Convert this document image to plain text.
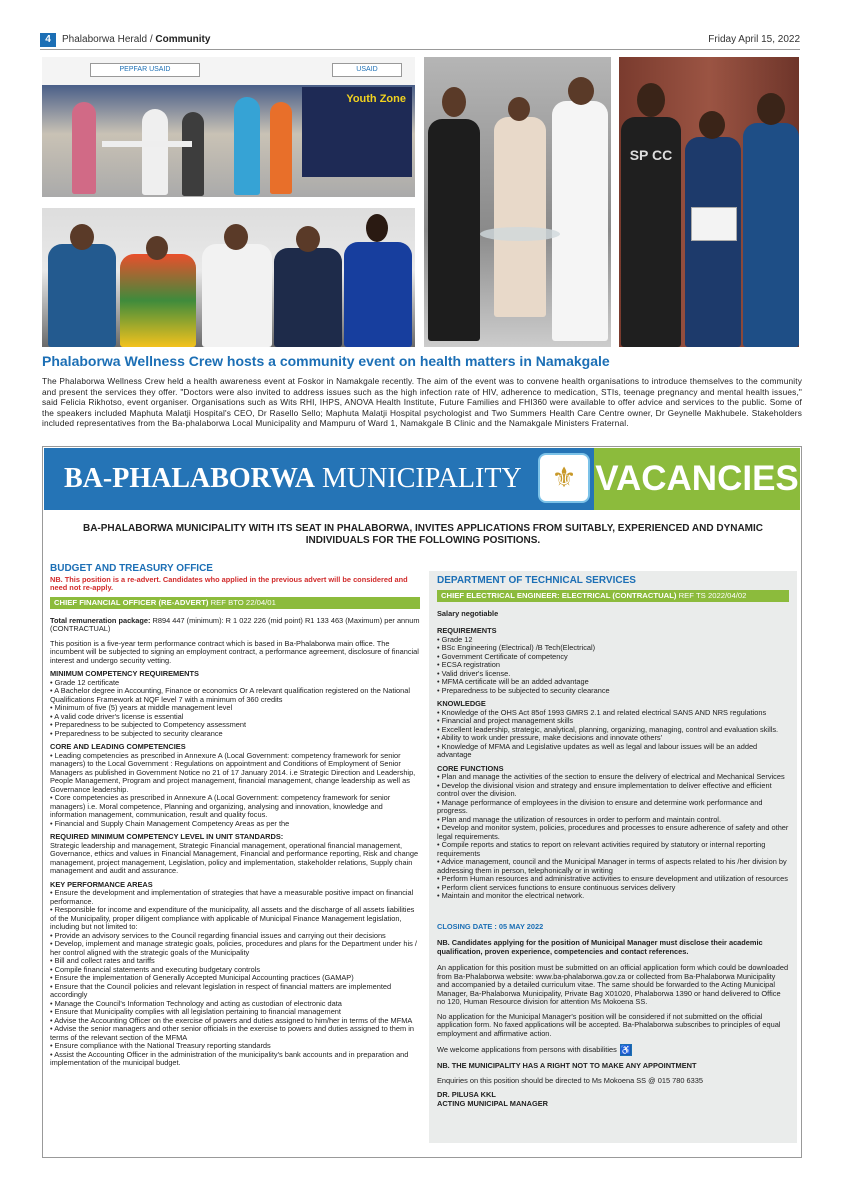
4	Phalaborwa Herald / Community	Friday April 15, 2022
PEPFAR USAID	USAID
Youth Zone
SP CC
Phalaborwa Wellness Crew hosts a community event on health matters in Namakgale
The Phalaborwa Wellness Crew held a health awareness event at Foskor in Namakgale recently. The aim of the event was to convene health organisations to introduce themselves to the community and present the services they offer. "Doctors were also invited to address issues such as the high infection rate of HIV, adherence to medication, STIs, teenage pregnancy and mental health issues," said Felicia Rikhotso, event organiser. Organisations such as Wits RHI, IHPS, ANOVA Health Institute, Future Families and FHI360 were available to offer advice and services to the public. Some of the speakers included Maphuta Malatji Hospital's CEO, Dr Rasello Sello; Maphuta Malatji Hospital psychologist and Two Summers Health Care Centre owner, Dr Geynelle Makhubele. Stakeholders included representatives from the Ba-phalaborwa Local Municipality and Mampuru of Ward 1, Namakgale B Clinic and the Namakgale Ministers Fraternal.
BA-PHALABORWA MUNICIPALITY	⚜ VACANCIES
BA-PHALABORWA MUNICIPALITY WITH ITS SEAT IN PHALABORWA, INVITES APPLICATIONS FROM SUITABLY, EXPERIENCED AND DYNAMIC INDIVIDUALS FOR THE FOLLOWING POSITIONS.
BUDGET AND TREASURY OFFICE
NB. This position is a re-advert. Candidates who applied in the previous advert will be considered and need not re-apply.
CHIEF FINANCIAL OFFICER (RE-ADVERT) REF BTO 22/04/01

Total remuneration package: R894 447 (minimum): R 1 022 226 (mid point) R1 133 463 (Maximum) per annum (CONTRACTUAL)

This position is a five-year term performance contract which is based in Ba-Phalaborwa main office. The incumbent will be subjected to signing an employment contract, a performance agreement, disclosure of financial interest and undergo security vetting.

MINIMUM COMPETENCY REQUIREMENTS
• Grade 12 certificate
• A Bachelor degree in Accounting, Finance or economics Or A relevant qualification registered on the National Qualifications Framework at NQF level 7 with a minimum of 360 credits
• Minimum of five (5) years at middle management level
• A valid code driver's license is essential
• Preparedness to be subjected to Competency assessment
• Preparedness to be subjected to security clearance
CORE AND LEADING COMPETENCIES
• Leading competencies as prescribed in Annexure A (Local Government: competency framework for senior managers) to the Local Government : Regulations on appointment and Conditions of Employment of Senior Managers as published in Government Notice no 21 of 17 January 2014. i.e Strategic Direction and Leadership, People Management, Program and project management, financial management, change leadership as well as Governance leadership.
• Core competencies as prescribed in Annexure A (Local Government: competency framework for senior managers) i.e. Moral competence, Planning and organizing, analysing and innovation, knowledge and information management, communication, result and quality focus.
• Financial and Supply Chain Management Competency Areas as per the
REQUIRED MINIMUM COMPETENCY LEVEL IN UNIT STANDARDS:

Strategic leadership and management, Strategic Financial management, operational financial management, Governance, ethics and values in Financial Management, Financial and performance reporting, Risk and change management, project management, Legislation, policy and implementation, stakeholder relations, Supply chain management and audit and assurance.

KEY PERFORMANCE AREAS
• Ensure the development and implementation of strategies that have a measurable positive impact on financial performance.
• Responsible for income and expenditure of the municipality, all assets and the discharge of all assets liabilities of the Municipality, proper diligent compliance with applicable of Municipal Finance Management legislation, including but not limited to:
• Provide an advisory services to the Council regarding financial issues and carrying out their decisions
• Develop, implement and manage strategic goals, policies, procedures and plans for the Department under his / her control aligned with the strategic goals of the Municipality
• Bill and collect rates and tariffs
• Compile financial statements and executing budgetary controls
• Ensure the implementation of Generally Accepted Municipal Accounting practices (GAMAP)
• Ensure that the Council policies and relevant legislation in respect of financial matters are implemented accordingly
• Manage the Council's Information Technology and acting as custodian of electronic data
• Ensure that Municipality complies with all legislation pertaining to financial management
• Advise the Accounting Officer on the exercise of powers and duties assigned to him/her in terms of the MFMA
• Advise the senior managers and other senior officials in the exercise to powers and duties assigned to them in terms of the relevant section of the MFMA
• Ensure compliance with the National Treasury reporting standards
• Assist the Accounting Officer in the administration of the municipality's bank accounts and in preparation and implementation of the municipal budget.
DEPARTMENT OF TECHNICAL SERVICES
CHIEF ELECTRICAL ENGINEER: ELECTRICAL (CONTRACTUAL) REF TS 2022/04/02
Salary negotiable
REQUIREMENTS
• Grade 12
• BSc Engineering (Electrical) /B Tech(Electrical)
• Government Certificate of competency
• ECSA registration
• Valid driver's license.
• MFMA certificate will be an added advantage
• Preparedness to be subjected to security clearance
KNOWLEDGE
• Knowledge of the OHS Act 85of 1993 GMRS 2.1 and related electrical SANS AND NRS regulations
• Financial and project management skills
• Excellent leadership, strategic, analytical, planning, organizing, managing, control and evaluation skills.
• Ability to work under pressure, make decisions and innovate others'
• Knowledge of MFMA and Legislative updates as well as legal and labour issues will be an added advantage
CORE FUNCTIONS
• Plan and manage the activities of the section to ensure the delivery of electrical and Mechanical Services
• Develop the divisional vision and strategy and ensure implementation to deliver effective and efficient control over the division.
• Manage performance of employees in the division to ensure and determine work performance and progress.
• Plan and manage the utilization of resources in order to perform and maintain control.
• Develop and monitor system, policies, procedures and processes to ensure adherence of safety and other legal requirements.
• Compile reports and statics to report on relevant activities required by statutory or internal reporting requirements
• Advice management, council and the Municipal Manager in terms of aspects related to his /her division by addressing them in person, telephonically or in writing
• Perform Human resources and administrative activities to ensure development and utilization of resources
• Perform client services functions to ensure continuous services delivery
• Maintain and monitor the electrical network.
CLOSING DATE : 05 MAY 2022

NB. Candidates applying for the position of Municipal Manager must disclose their academic qualification, proven experience, competencies and contact references.

An application for this position must be submitted on an official application form which could be downloaded from Ba-Phalaborwa website: www.ba-phalaborwa.gov.za or collected from Ba-Phalaborwa Municipality and accompanied by a detailed curriculum vitae. The same should be forwarded to the Acting Municipal Manager, Ba-Phalaborwa Municipality, Private Bag X01020, Phalaborwa 1390 or hand delivered to Office no 120, Human Resource division for attention Ms Mokoena SS.

No application for the Municipal Manager's position will be considered if not submitted on the official application form. No faxed applications will be accepted. Ba-Phalaborwa subscribes to principles of equal employment and affirmative action.

We welcome applications from persons with disabilities ♿

NB. THE MUNICIPALITY HAS A RIGHT NOT TO MAKE ANY APPOINTMENT

Enquiries on this position should be directed to Ms Mokoena SS @ 015 780 6335

DR. PILUSA KKL
ACTING MUNICIPAL MANAGER
